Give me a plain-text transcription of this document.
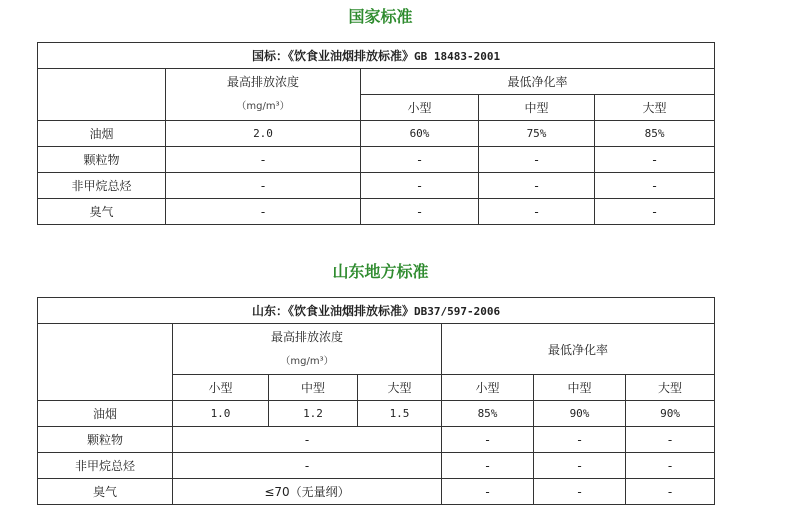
国家标准
国标：《饮食业油烟排放标准》GB 18483-2001				

	最高排放浓度
（mg/m³）	最低净化率		
		小型	中型	大型
油烟	2.0	60%	75%	85%
颗粒物	-	-	-	-
非甲烷总烃	-	-	-	-
臭气	-	-	-	-
山东地方标准
山东：《饮食业油烟排放标准》DB37/597-2006						

	最高排放浓度
（mg/m³）			最低净化率		
	小型	中型	大型	小型	中型	大型
油烟	1.0	1.2	1.5	85%	90%	90%
颗粒物	-			-	-	-
非甲烷总烃	-			-	-	-
臭气	≤70（无量纲）			-	-	-
